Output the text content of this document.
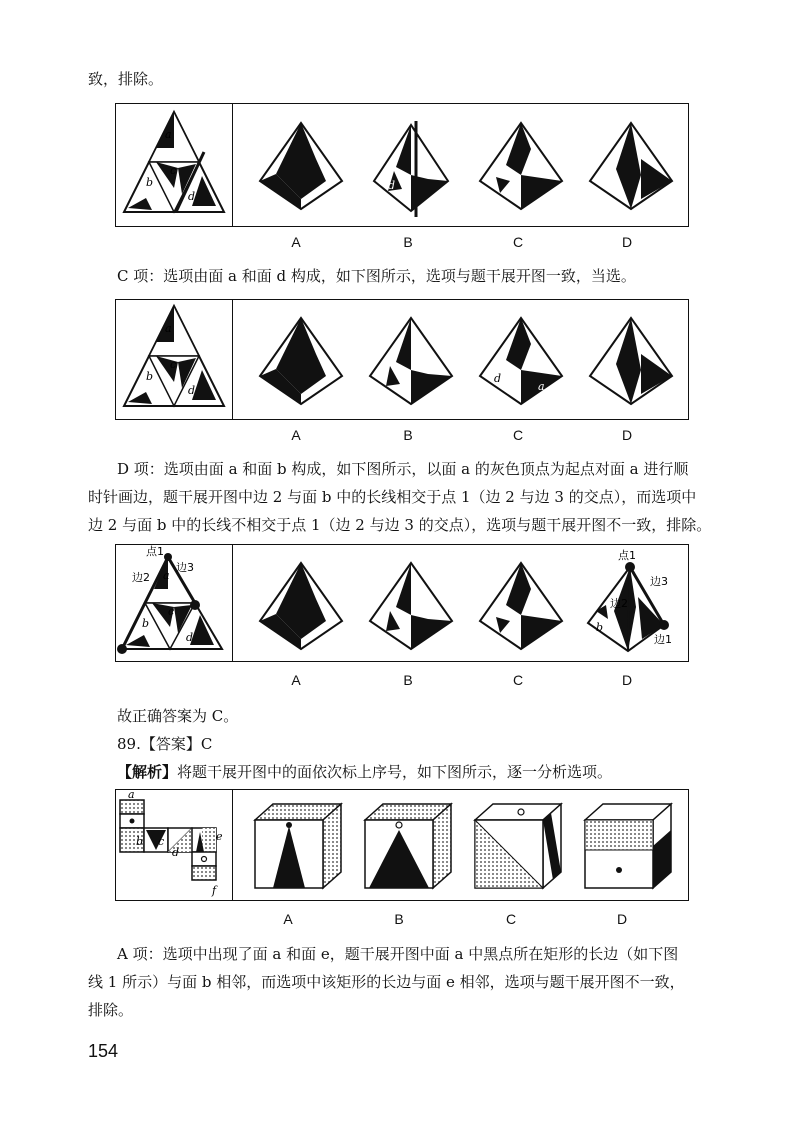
致，排除。

a
c
b
d
d
A	B	C	D

C 项：选项由面 a 和面 d 构成，如下图所示，选项与题干展开图一致，当选。

a
c
b
d
d
a
A	B	C	D

D 项：选项由面 a 和面 b 构成，如下图所示，以面 a 的灰色顶点为起点对面 a 进行顺

时针画边，题干展开图中边 2 与面 b 中的长线相交于点 1（边 2 与边 3 的交点），而选项中

边 2 与面 b 中的长线不相交于点 1（边 2 与边 3 的交点），选项与题干展开图不一致，排除。

点1
边3
边2 a
c
b
d
点1
边3
边2
边1
b
A	B	C	D

故正确答案为 C。

89.【答案】C

【解析】将题干展开图中的面依次标上序号，如下图所示，逐一分析选项。

a
b c
d
e
f
A	B	C	D

A 项：选项中出现了面 a 和面 e，题干展开图中面 a 中黑点所在矩形的长边（如下图

线 1 所示）与面 b 相邻，而选项中该矩形的长边与面 e 相邻，选项与题干展开图不一致，

排除。

154
